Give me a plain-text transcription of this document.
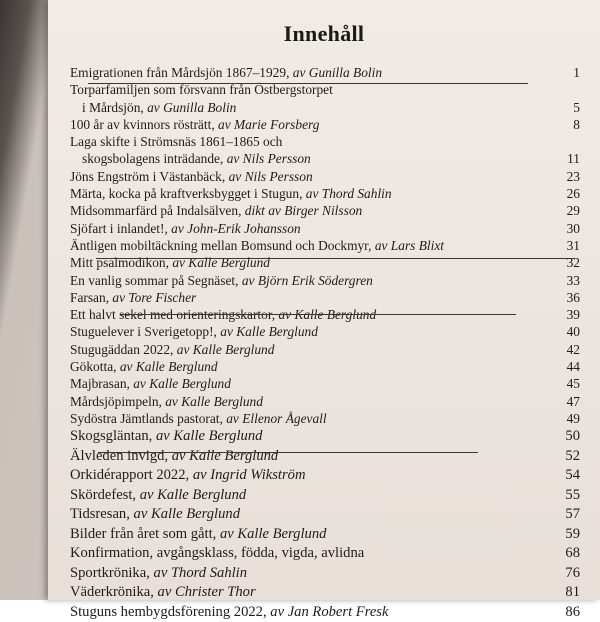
Innehåll
Emigrationen från Mårdsjön 1867–1929, av Gunilla Bolin	1
Torparfamiljen som försvann från Östbergstorpet
i Mårdsjön, av Gunilla Bolin	5
100 år av kvinnors rösträtt, av Marie Forsberg	8
Laga skifte i Strömsnäs 1861–1865 och
skogsbolagens inträdande, av Nils Persson	11
Jöns Engström i Västanbäck, av Nils Persson	23
Märta, kocka på kraftverksbygget i Stugun, av Thord Sahlin	26
Midsommarfärd på Indalsälven, dikt av Birger Nilsson	29
Sjöfart i inlandet!, av John-Erik Johansson	30
Äntligen mobiltäckning mellan Bomsund och Dockmyr, av Lars Blixt	31
Mitt psalmodikon, av Kalle Berglund	32
En vanlig sommar på Segnäset, av Björn Erik Södergren	33
Farsan, av Tore Fischer	36
Ett halvt sekel med orienteringskartor, av Kalle Berglund	39
Stuguelever i Sverigetopp!, av Kalle Berglund	40
Stugugäddan 2022, av Kalle Berglund	42
Gökotta, av Kalle Berglund	44
Majbrasan, av Kalle Berglund	45
Mårdsjöpimpeln, av Kalle Berglund	47
Sydöstra Jämtlands pastorat, av Ellenor Ågevall	49
Skogsgläntan, av Kalle Berglund	50
Älvleden invigd, av Kalle Berglund	52
Orkidérapport 2022, av Ingrid Wikström	54
Skördefest, av Kalle Berglund	55
Tidsresan, av Kalle Berglund	57
Bilder från året som gått, av Kalle Berglund	59
Konfirmation, avgångsklass, födda, vigda, avlidna	68
Sportkrönika, av Thord Sahlin	76
Väderkrönika, av Christer Thor	81
Stuguns hembygdsförening 2022, av Jan Robert Fresk	86
